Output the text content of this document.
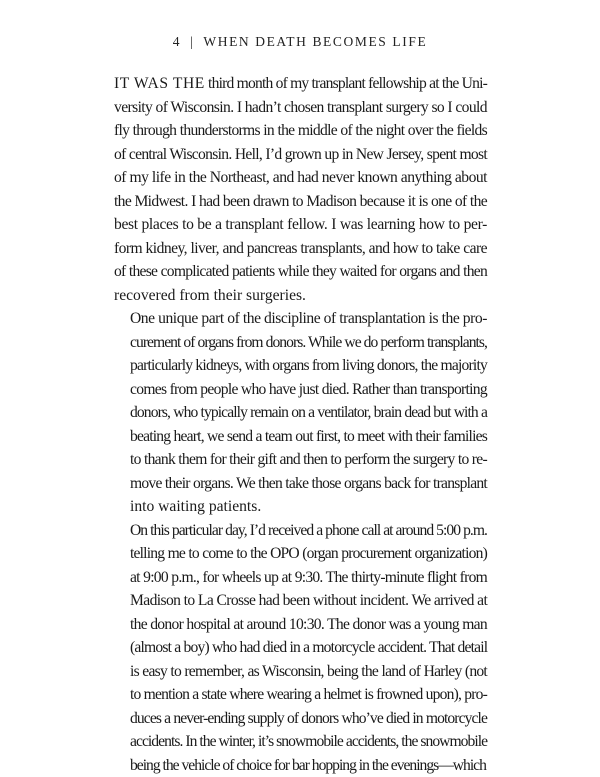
4 | WHEN DEATH BECOMES LIFE

IT WAS THE third month of my transplant fellowship at the Uni-
versity of Wisconsin. I hadn’t chosen transplant surgery so I could
fly through thunderstorms in the middle of the night over the fields
of central Wisconsin. Hell, I’d grown up in New Jersey, spent most
of my life in the Northeast, and had never known anything about
the Midwest. I had been drawn to Madison because it is one of the
best places to be a transplant fellow. I was learning how to per-
form kidney, liver, and pancreas transplants, and how to take care
of these complicated patients while they waited for organs and then
recovered from their surgeries.

One unique part of the discipline of transplantation is the pro-
curement of organs from donors. While we do perform transplants,
particularly kidneys, with organs from living donors, the majority
comes from people who have just died. Rather than transporting
donors, who typically remain on a ventilator, brain dead but with a
beating heart, we send a team out first, to meet with their families
to thank them for their gift and then to perform the surgery to re-
move their organs. We then take those organs back for transplant
into waiting patients.

On this particular day, I’d received a phone call at around 5:00 p.m.
telling me to come to the OPO (organ procurement organization)
at 9:00 p.m., for wheels up at 9:30. The thirty-minute flight from
Madison to La Crosse had been without incident. We arrived at
the donor hospital at around 10:30. The donor was a young man
(almost a boy) who had died in a motorcycle accident. That detail
is easy to remember, as Wisconsin, being the land of Harley (not
to mention a state where wearing a helmet is frowned upon), pro-
duces a never-ending supply of donors who’ve died in motorcycle
accidents. In the winter, it’s snowmobile accidents, the snowmobile
being the vehicle of choice for bar hopping in the evenings—which
